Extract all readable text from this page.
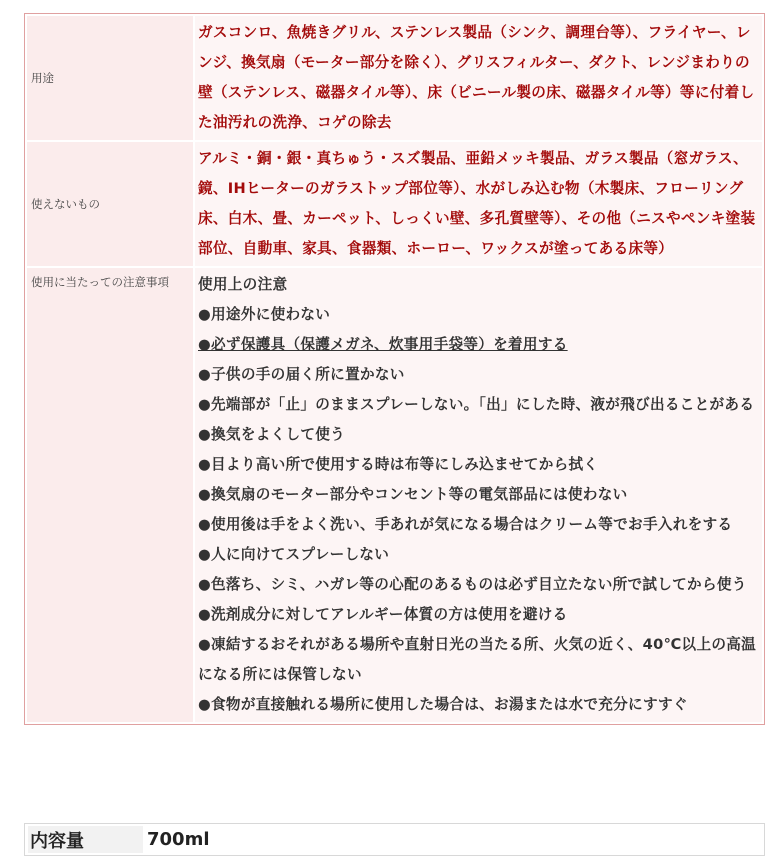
用途
ガスコンロ、魚焼きグリル、ステンレス製品（シンク、調理台等）、フライヤー、レンジ、換気扇（モーター部分を除く）、グリスフィルター、ダクト、レンジまわりの壁（ステンレス、磁器タイル等）、床（ビニール製の床、磁器タイル等）等に付着した油汚れの洗浄、コゲの除去
使えないもの
アルミ・銅・銀・真ちゅう・スズ製品、亜鉛メッキ製品、ガラス製品（窓ガラス、鏡、IHヒーターのガラストップ部位等）、水がしみ込む物（木製床、フローリング床、白木、畳、カーペット、しっくい壁、多孔質壁等）、その他（ニスやペンキ塗装部位、自動車、家具、食器類、ホーロー、ワックスが塗ってある床等）
使用に当たっての注意事項	使用上の注意
●用途外に使わない
●必ず保護具（保護メガネ、炊事用手袋等）を着用する
●子供の手の届く所に置かない
●先端部が「止」のままスプレーしない。「出」にした時、液が飛び出ることがある
●換気をよくして使う
●目より高い所で使用する時は布等にしみ込ませてから拭く
●換気扇のモーター部分やコンセント等の電気部品には使わない
●使用後は手をよく洗い、手あれが気になる場合はクリーム等でお手入れをする
●人に向けてスプレーしない
●色落ち、シミ、ハガレ等の心配のあるものは必ず目立たない所で試してから使う
●洗剤成分に対してアレルギー体質の方は使用を避ける
●凍結するおそれがある場所や直射日光の当たる所、火気の近く、40℃以上の高温になる所には保管しない
●食物が直接触れる場所に使用した場合は、お湯または水で充分にすすぐ
内容量	700ml
